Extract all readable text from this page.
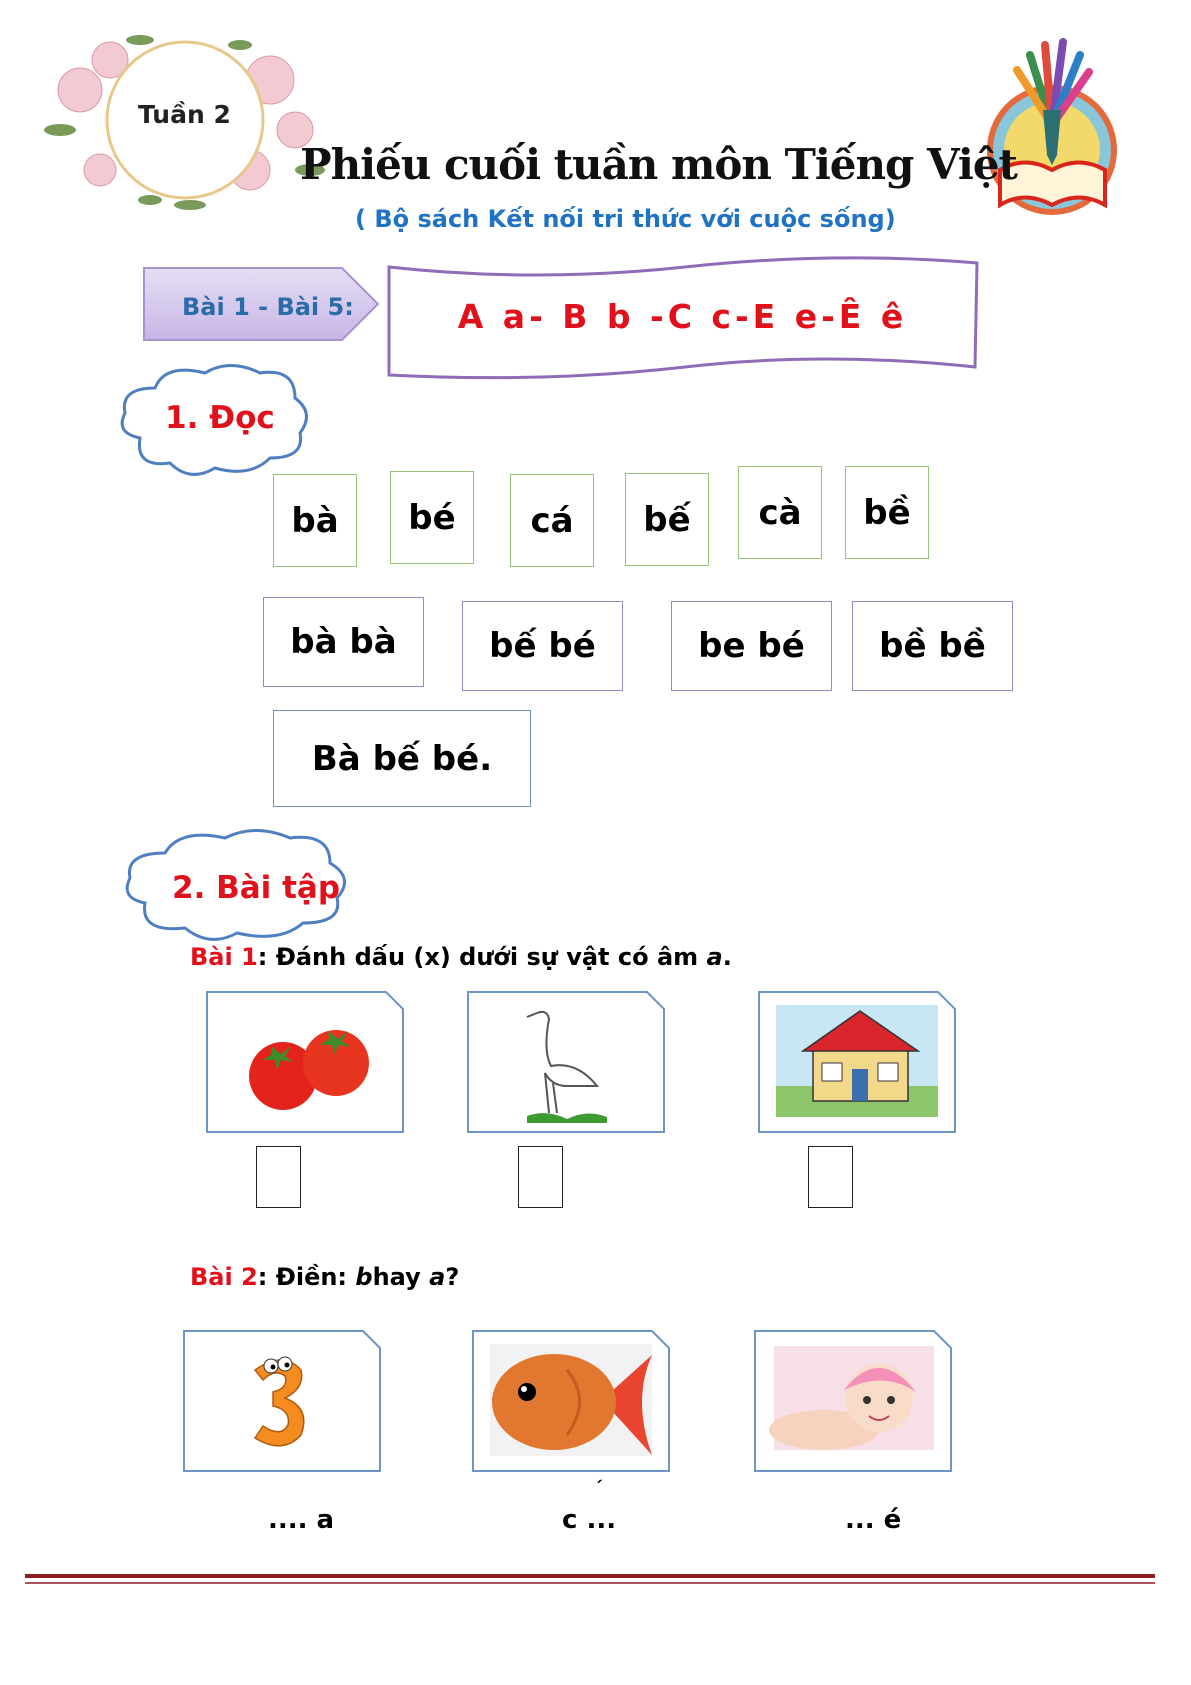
Tuần 2
Phiếu cuối tuần môn Tiếng Việt
( Bộ sách Kết nối tri thức với cuộc sống)
Bài 1 - Bài 5:	A a- B b -C c-E e-Ê ê
1. Đọc
bà	bé	cá	bế	cà	bề
bà bà	bế bé	be bé	bề bề
Bà bế bé.
2. Bài tập
Bài 1: Đánh dấu (x) dưới sự vật có âm a.
Bài 2: Điền: bhay a?
´
.... a	c ...	... é
